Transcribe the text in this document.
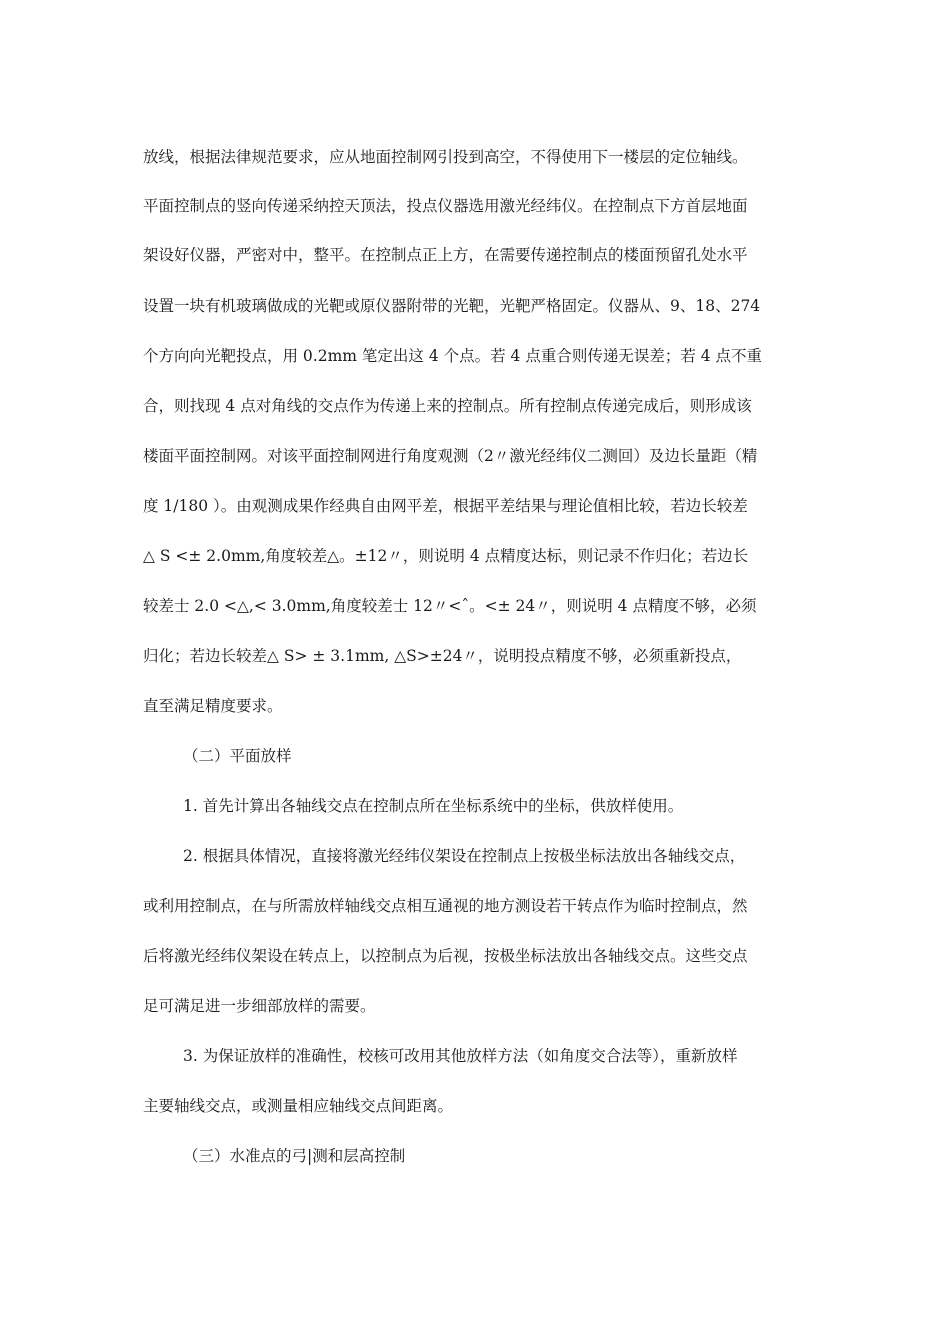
放线，根据法律规范要求，应从地面控制网引投到高空，不得使用下一楼层的定位轴线。
平面控制点的竖向传递采纳控天顶法，投点仪器选用激光经纬仪。在控制点下方首层地面
架设好仪器，严密对中，整平。在控制点正上方，在需要传递控制点的楼面预留孔处水平
设置一块有机玻璃做成的光靶或原仪器附带的光靶，光靶严格固定。仪器从、9、18、274
个方向向光靶投点，用 0.2mm 笔定出这 4 个点。若 4 点重合则传递无误差；若 4 点不重
合，则找现 4 点对角线的交点作为传递上来的控制点。所有控制点传递完成后，则形成该
楼面平面控制网。对该平面控制网进行角度观测（2〃激光经纬仪二测回）及边长量距（精
度 1/180 ）。由观测成果作经典自由网平差，根据平差结果与理论值相比较，若边长较差
△ S <± 2.0mm,角度较差△。±12〃，则说明 4 点精度达标，则记录不作归化；若边长
较差士 2.0 <△,< 3.0mm,角度较差士 12〃<ˆ。<± 24〃，则说明 4 点精度不够，必须
归化；若边长较差△ S> ± 3.1mm, △S>±24〃，说明投点精度不够，必须重新投点，
直至满足精度要求。
（二）平面放样
1. 首先计算出各轴线交点在控制点所在坐标系统中的坐标，供放样使用。
2. 根据具体情况，直接将激光经纬仪架设在控制点上按极坐标法放出各轴线交点，
或利用控制点，在与所需放样轴线交点相互通视的地方测设若干转点作为临时控制点，然
后将激光经纬仪架设在转点上，以控制点为后视，按极坐标法放出各轴线交点。这些交点
足可满足进一步细部放样的需要。
3. 为保证放样的准确性，校核可改用其他放样方法（如角度交合法等），重新放样
主要轴线交点，或测量相应轴线交点间距离。
（三）水准点的弓|测和层高控制
